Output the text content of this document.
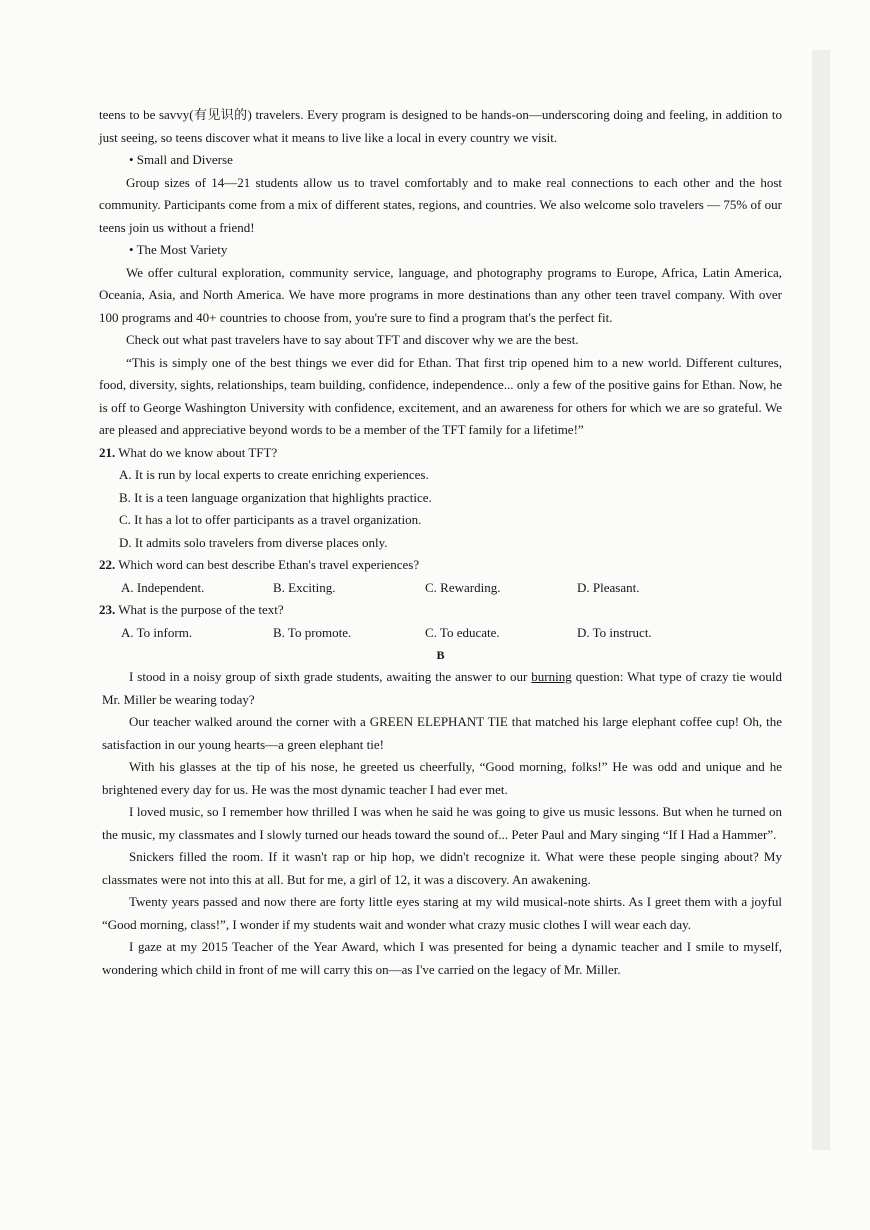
teens to be savvy(有见识的) travelers. Every program is designed to be hands-on—underscoring doing and feeling, in addition to just seeing, so teens discover what it means to live like a local in every country we visit.

• Small and Diverse

Group sizes of 14—21 students allow us to travel comfortably and to make real connections to each other and the host community. Participants come from a mix of different states, regions, and countries. We also welcome solo travelers — 75% of our teens join us without a friend!

• The Most Variety

We offer cultural exploration, community service, language, and photography programs to Europe, Africa, Latin America, Oceania, Asia, and North America. We have more programs in more destinations than any other teen travel company. With over 100 programs and 40+ countries to choose from, you're sure to find a program that's the perfect fit.

Check out what past travelers have to say about TFT and discover why we are the best.

“This is simply one of the best things we ever did for Ethan. That first trip opened him to a new world. Different cultures, food, diversity, sights, relationships, team building, confidence, independence... only a few of the positive gains for Ethan. Now, he is off to George Washington University with confidence, excitement, and an awareness for others for which we are so grateful. We are pleased and appreciative beyond words to be a member of the TFT family for a lifetime!”

21. What do we know about TFT?

A. It is run by local experts to create enriching experiences.

B. It is a teen language organization that highlights practice.

C. It has a lot to offer participants as a travel organization.

D. It admits solo travelers from diverse places only.

22. Which word can best describe Ethan's travel experiences?

A. Independent.	B. Exciting.	C. Rewarding.	D. Pleasant.

23. What is the purpose of the text?

A. To inform.	B. To promote.	C. To educate.	D. To instruct.

B

I stood in a noisy group of sixth grade students, awaiting the answer to our burning question: What type of crazy tie would Mr. Miller be wearing today?

Our teacher walked around the corner with a GREEN ELEPHANT TIE that matched his large elephant coffee cup! Oh, the satisfaction in our young hearts—a green elephant tie!

With his glasses at the tip of his nose, he greeted us cheerfully, “Good morning, folks!” He was odd and unique and he brightened every day for us. He was the most dynamic teacher I had ever met.

I loved music, so I remember how thrilled I was when he said he was going to give us music lessons. But when he turned on the music, my classmates and I slowly turned our heads toward the sound of... Peter Paul and Mary singing “If I Had a Hammer”.

Snickers filled the room. If it wasn't rap or hip hop, we didn't recognize it. What were these people singing about? My classmates were not into this at all. But for me, a girl of 12, it was a discovery. An awakening.

Twenty years passed and now there are forty little eyes staring at my wild musical-note shirts. As I greet them with a joyful “Good morning, class!”, I wonder if my students wait and wonder what crazy music clothes I will wear each day.

I gaze at my 2015 Teacher of the Year Award, which I was presented for being a dynamic teacher and I smile to myself, wondering which child in front of me will carry this on—as I've carried on the legacy of Mr. Miller.
